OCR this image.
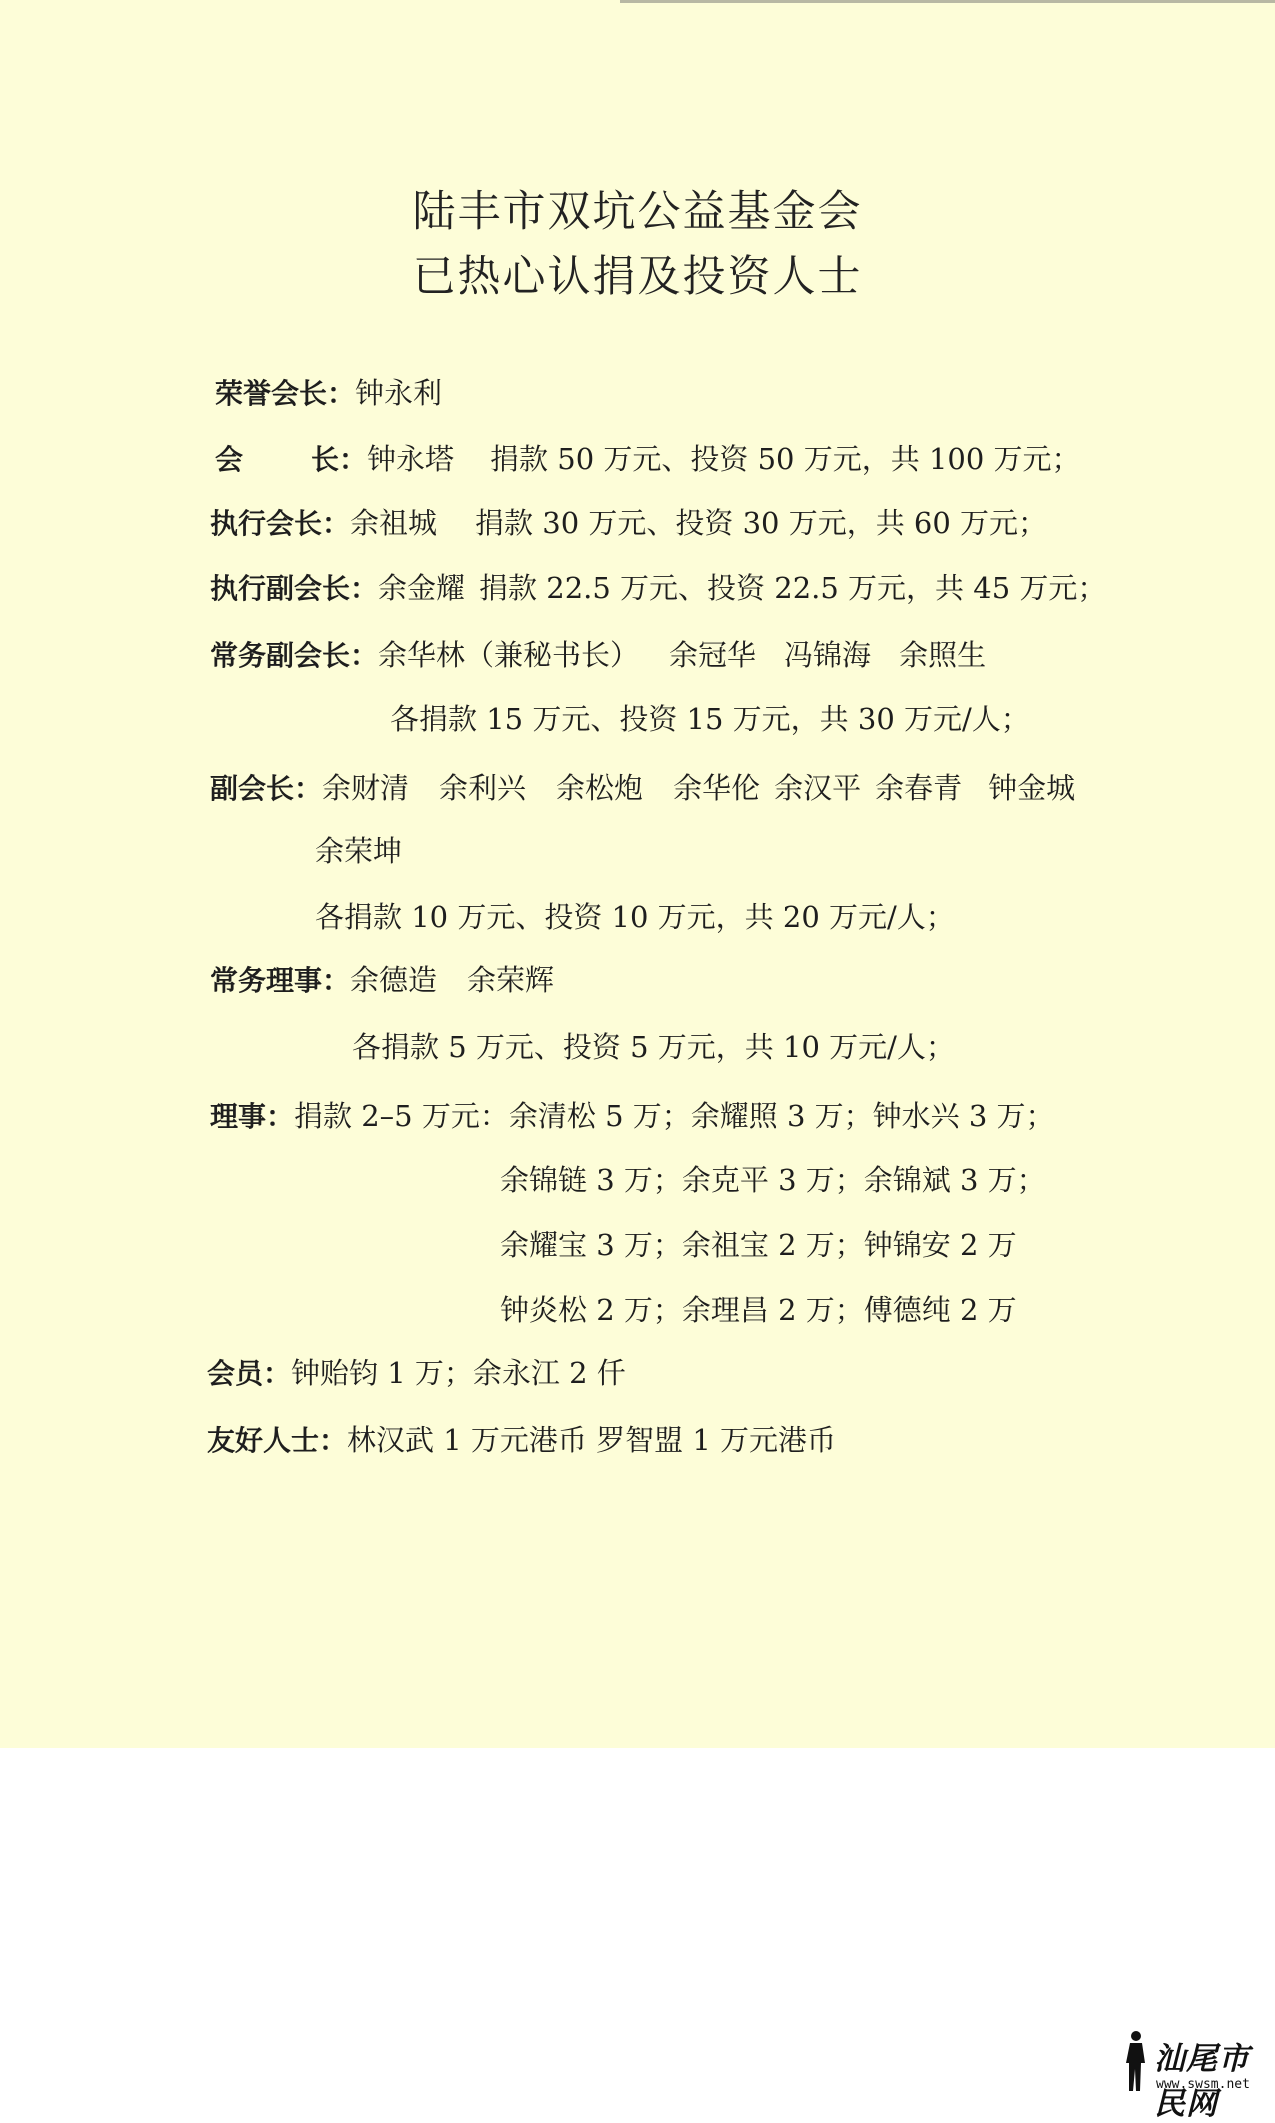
陆丰市双坑公益基金会
已热心认捐及投资人士
荣誉会长：钟永利
会 长：钟永塔 捐款 50 万元、投资 50 万元，共 100 万元；
执行会长：余祖城 捐款 30 万元、投资 30 万元，共 60 万元；
执行副会长：余金耀 捐款 22.5 万元、投资 22.5 万元，共 45 万元；
常务副会长：余华林（兼秘书长） 余冠华 冯锦海 余照生
各捐款 15 万元、投资 15 万元，共 30 万元/人；
副会长：余财清 余利兴 余松炮 余华伦 余汉平 余春青 钟金城
余荣坤
各捐款 10 万元、投资 10 万元，共 20 万元/人；
常务理事：余德造 余荣辉
各捐款 5 万元、投资 5 万元，共 10 万元/人；
理事：捐款 2–5 万元：余清松 5 万；余耀照 3 万；钟水兴 3 万；
余锦链 3 万；余克平 3 万；余锦斌 3 万；
余耀宝 3 万；余祖宝 2 万；钟锦安 2 万
钟炎松 2 万；余理昌 2 万；傅德纯 2 万
会员：钟贻钧 1 万；余永江 2 仟
友好人士：林汉武 1 万元港币 罗智盟 1 万元港币
汕尾市民网
www.swsm.net
